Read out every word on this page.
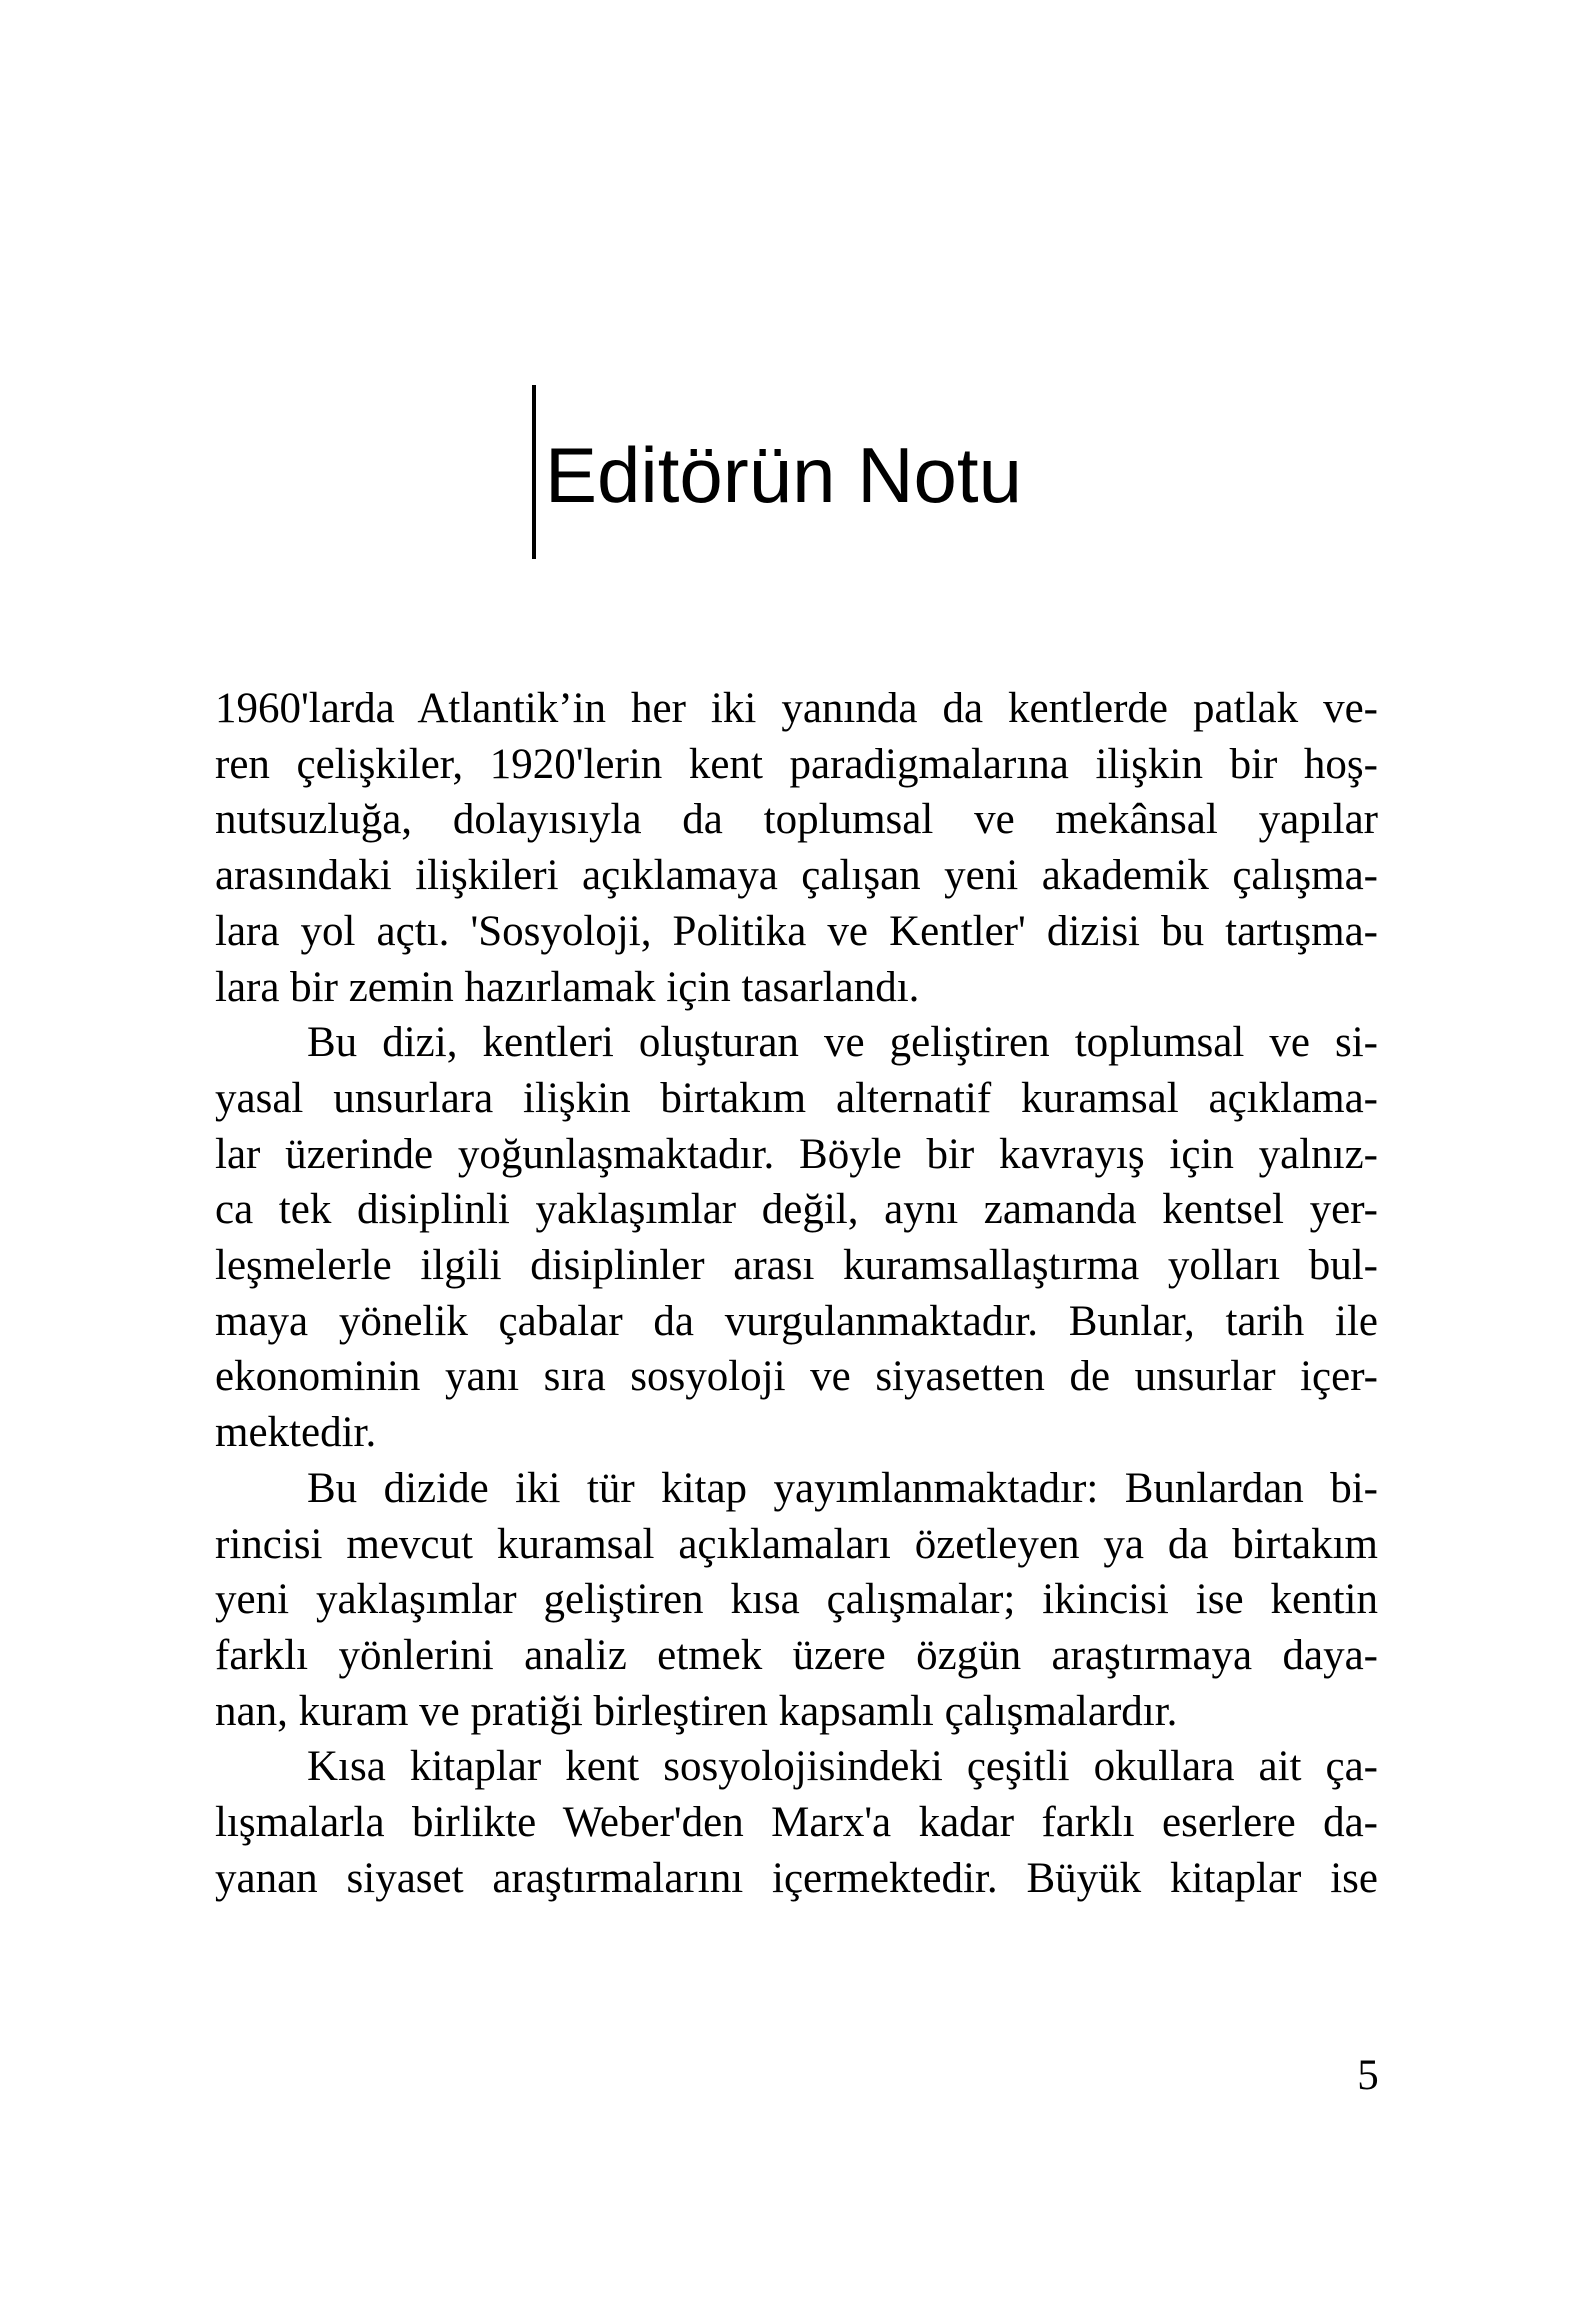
Editörün Notu
1960'larda Atlantik’in her iki yanında da kentlerde patlak ve-
ren çelişkiler, 1920'lerin kent paradigmalarına ilişkin bir hoş-
nutsuzluğa, dolayısıyla da toplumsal ve mekânsal yapılar
arasındaki ilişkileri açıklamaya çalışan yeni akademik çalışma-
lara yol açtı. 'Sosyoloji, Politika ve Kentler' dizisi bu tartışma-
lara bir zemin hazırlamak için tasarlandı.
Bu dizi, kentleri oluşturan ve geliştiren toplumsal ve si-
yasal unsurlara ilişkin birtakım alternatif kuramsal açıklama-
lar üzerinde yoğunlaşmaktadır. Böyle bir kavrayış için yalnız-
ca tek disiplinli yaklaşımlar değil, aynı zamanda kentsel yer-
leşmelerle ilgili disiplinler arası kuramsallaştırma yolları bul-
maya yönelik çabalar da vurgulanmaktadır. Bunlar, tarih ile
ekonominin yanı sıra sosyoloji ve siyasetten de unsurlar içer-
mektedir.
Bu dizide iki tür kitap yayımlanmaktadır: Bunlardan bi-
rincisi mevcut kuramsal açıklamaları özetleyen ya da birtakım
yeni yaklaşımlar geliştiren kısa çalışmalar; ikincisi ise kentin
farklı yönlerini analiz etmek üzere özgün araştırmaya daya-
nan, kuram ve pratiği birleştiren kapsamlı çalışmalardır.
Kısa kitaplar kent sosyolojisindeki çeşitli okullara ait ça-
lışmalarla birlikte Weber'den Marx'a kadar farklı eserlere da-
yanan siyaset araştırmalarını içermektedir. Büyük kitaplar ise
5
